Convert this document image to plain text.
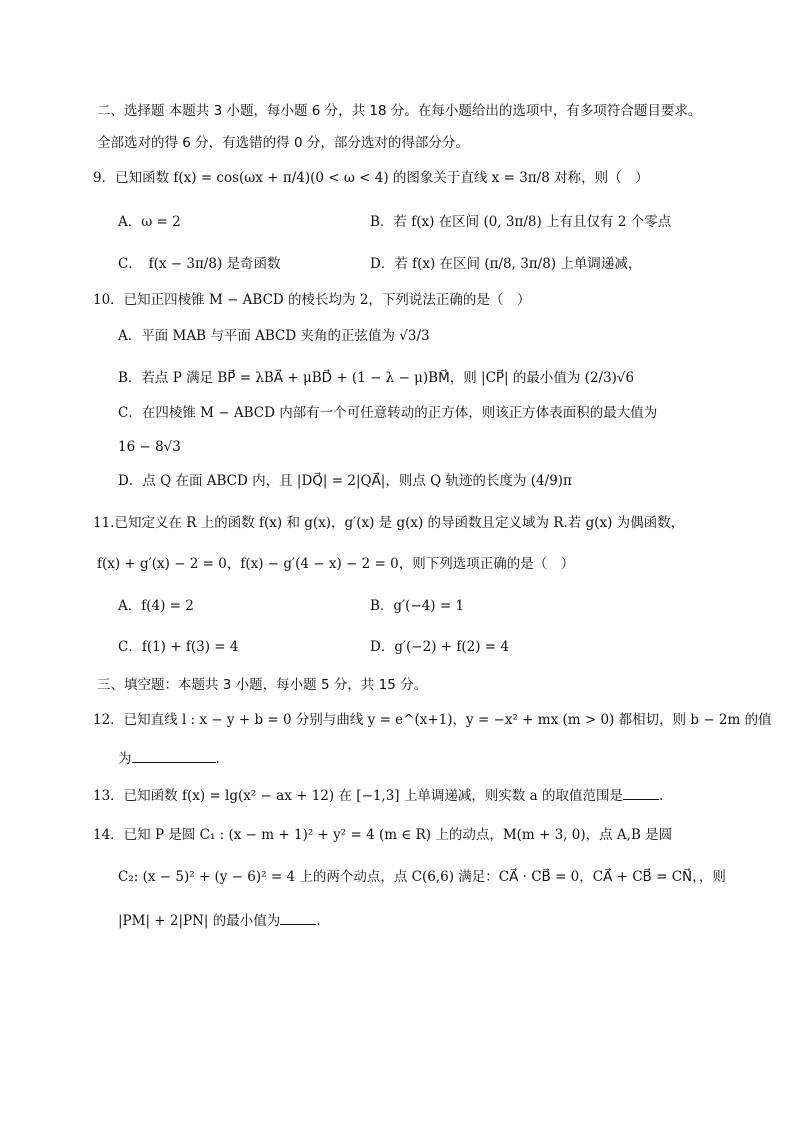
二、选择题 本题共 3 小题，每小题 6 分，共 18 分。在每小题给出的选项中，有多项符合题目要求。
全部选对的得 6 分，有选错的得 0 分，部分选对的得部分分。
9．已知函数 f(x) = cos(ωx + π/4)(0 < ω < 4) 的图象关于直线 x = 3π/8 对称，则（　）
A．ω = 2	B．若 f(x) 在区间 (0, 3π/8) 上有且仅有 2 个零点
C．　f(x − 3π/8) 是奇函数	D．若 f(x) 在区间 (π/8, 3π/8) 上单调递减，
10．已知正四棱锥 M − ABCD 的棱长均为 2，下列说法正确的是（　）
A．平面 MAB 与平面 ABCD 夹角的正弦值为 √3/3
B．若点 P 满足 BP⃗ = λBA⃗ + μBD⃗ + (1 − λ − μ)BM⃗，则 |CP⃗| 的最小值为 (2/3)√6
C．在四棱锥 M − ABCD 内部有一个可任意转动的正方体，则该正方体表面积的最大值为
16 − 8√3
D．点 Q 在面 ABCD 内，且 |DQ⃗| = 2|QA⃗|，则点 Q 轨迹的长度为 (4/9)π
11.已知定义在 R 上的函数 f(x) 和 g(x)，g′(x) 是 g(x) 的导函数且定义域为 R.若 g(x) 为偶函数，
f(x) + g′(x) − 2 = 0，f(x) − g′(4 − x) − 2 = 0，则下列选项正确的是（　）
A．f(4) = 2	B．g′(−4) = 1
C．f(1) + f(3) = 4	D．g′(−2) + f(2) = 4
三、填空题：本题共 3 小题，每小题 5 分，共 15 分。
12．已知直线 l : x − y + b = 0 分别与曲线 y = e^(x+1)，y = −x² + mx (m > 0) 都相切，则 b − 2m 的值
为	.
13．已知函数 f(x) = lg(x² − ax + 12) 在 [−1,3] 上单调递减，则实数 a 的取值范围是	.
14．已知 P 是圆 C₁ : (x − m + 1)² + y² = 4 (m ∈ R) 上的动点，M(m + 3, 0)，点 A,B 是圆
C₂: (x − 5)² + (y − 6)² = 4 上的两个动点，点 C(6,6) 满足：CA⃗ · CB⃗ = 0，CA⃗ + CB⃗ = CN⃗，，则
|PM| + 2|PN| 的最小值为	.
